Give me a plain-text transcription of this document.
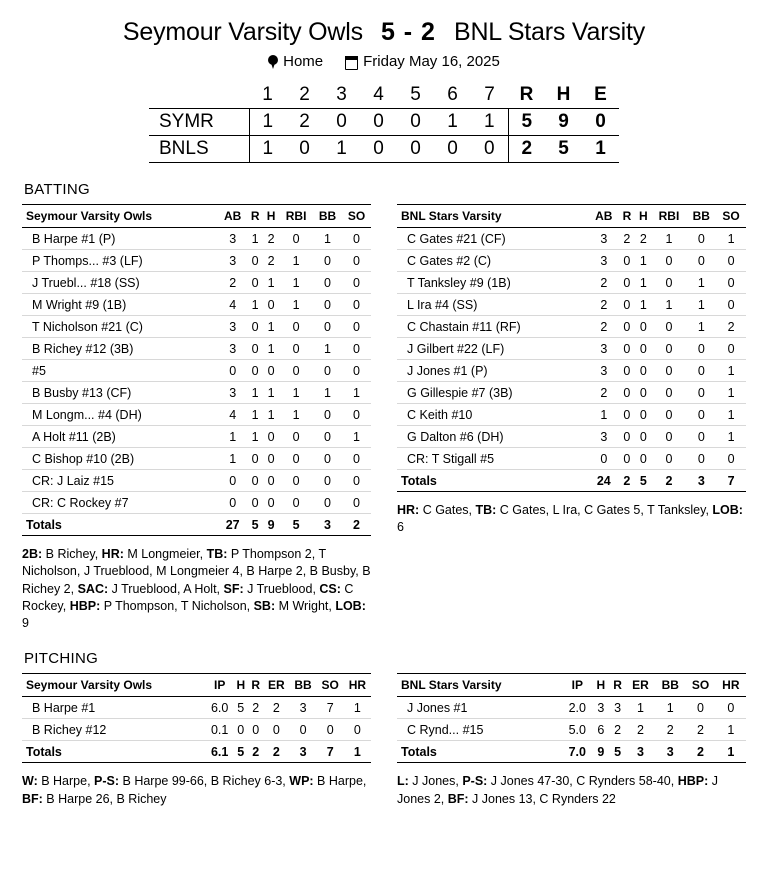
Seymour Varsity Owls 5 - 2 BNL Stars Varsity
Home	Friday May 16, 2025
	1	2	3	4	5	6	7	R	H	E
SYMR	1	2	0	0	0	1	1	5	9	0
BNLS	1	0	1	0	0	0	0	2	5	1
BATTING
Seymour Varsity Owls	AB	R	H	RBI	BB	SO
B Harpe #1 (P)	3	1	2	0	1	0
P Thomps... #3 (LF)	3	0	2	1	0	0
J Truebl... #18 (SS)	2	0	1	1	0	0
M Wright #9 (1B)	4	1	0	1	0	0
T Nicholson #21 (C)	3	0	1	0	0	0
B Richey #12 (3B)	3	0	1	0	1	0
#5	0	0	0	0	0	0
B Busby #13 (CF)	3	1	1	1	1	1
M Longm... #4 (DH)	4	1	1	1	0	0
A Holt #11 (2B)	1	1	0	0	0	1
C Bishop #10 (2B)	1	0	0	0	0	0
CR: J Laiz #15	0	0	0	0	0	0
CR: C Rockey #7	0	0	0	0	0	0
Totals	27	5	9	5	3	2
2B: B Richey, HR: M Longmeier, TB: P Thompson 2, T Nicholson, J Trueblood, M Longmeier 4, B Harpe 2, B Busby, B Richey 2, SAC: J Trueblood, A Holt, SF: J Trueblood, CS: C Rockey, HBP: P Thompson, T Nicholson, SB: M Wright, LOB: 9
BNL Stars Varsity	AB	R	H	RBI	BB	SO
C Gates #21 (CF)	3	2	2	1	0	1
C Gates #2 (C)	3	0	1	0	0	0
T Tanksley #9 (1B)	2	0	1	0	1	0
L Ira #4 (SS)	2	0	1	1	1	0
C Chastain #11 (RF)	2	0	0	0	1	2
J Gilbert #22 (LF)	3	0	0	0	0	0
J Jones #1 (P)	3	0	0	0	0	1
G Gillespie #7 (3B)	2	0	0	0	0	1
C Keith #10	1	0	0	0	0	1
G Dalton #6 (DH)	3	0	0	0	0	1
CR: T Stigall #5	0	0	0	0	0	0
Totals	24	2	5	2	3	7
HR: C Gates, TB: C Gates, L Ira, C Gates 5, T Tanksley, LOB: 6
PITCHING
Seymour Varsity Owls	IP	H	R	ER	BB	SO	HR
B Harpe #1	6.0	5	2	2	3	7	1
B Richey #12	0.1	0	0	0	0	0	0
Totals	6.1	5	2	2	3	7	1
W: B Harpe, P-S: B Harpe 99-66, B Richey 6-3, WP: B Harpe, BF: B Harpe 26, B Richey
BNL Stars Varsity	IP	H	R	ER	BB	SO	HR
J Jones #1	2.0	3	3	1	1	0	0
C Rynd... #15	5.0	6	2	2	2	2	1
Totals	7.0	9	5	3	3	2	1
L: J Jones, P-S: J Jones 47-30, C Rynders 58-40, HBP: J Jones 2, BF: J Jones 13, C Rynders 22
